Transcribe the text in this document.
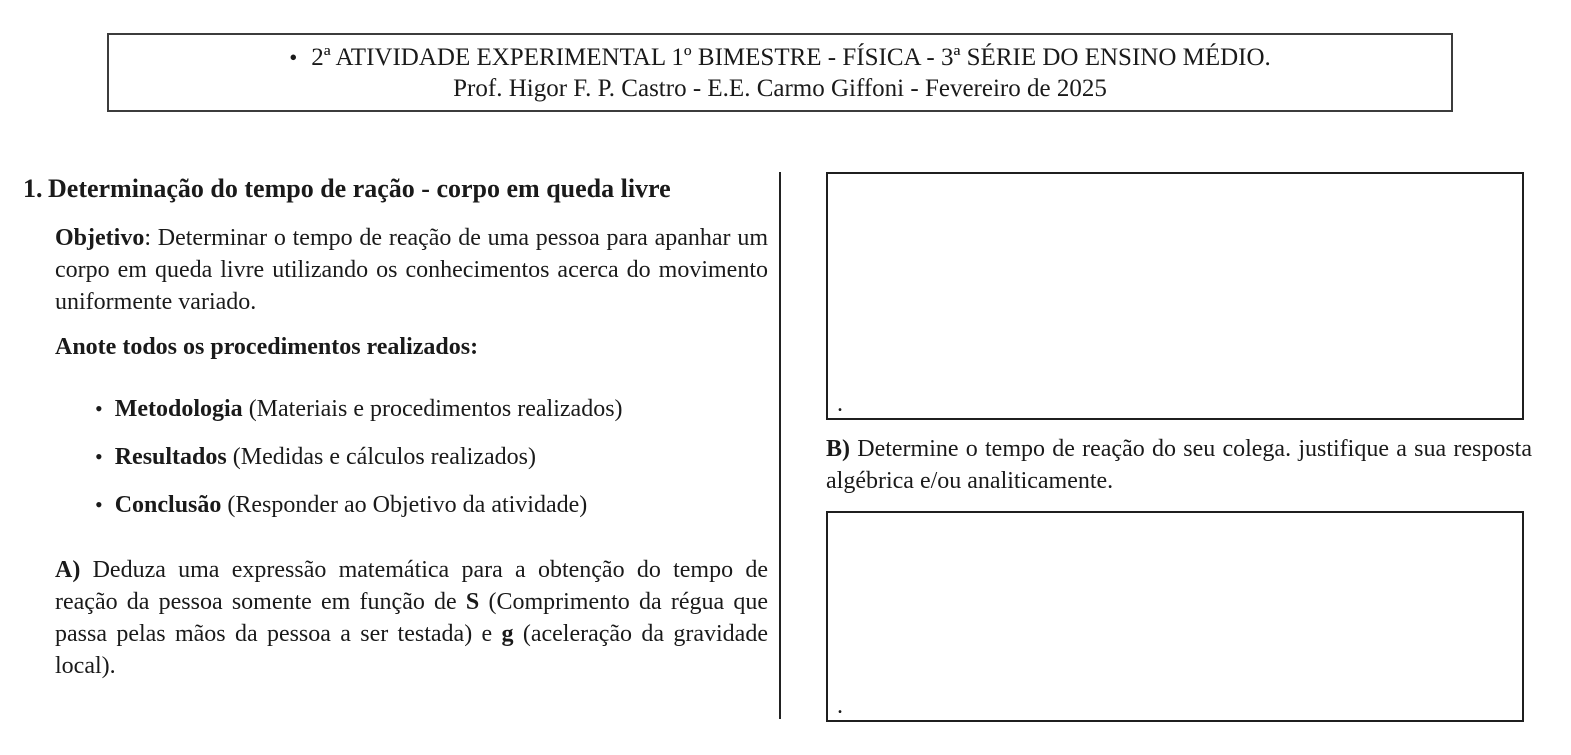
• 2ª ATIVIDADE EXPERIMENTAL 1º BIMESTRE - FÍSICA - 3ª SÉRIE DO ENSINO MÉDIO.
Prof. Higor F. P. Castro - E.E. Carmo Giffoni - Fevereiro de 2025
1. Determinação do tempo de ração - corpo em queda livre

Objetivo: Determinar o tempo de reação de uma pessoa para apanhar um corpo em queda livre utilizando os conhecimentos acerca do movimento uniformente variado.

Anote todos os procedimentos realizados:

• Metodologia (Materiais e procedimentos realizados)
• Resultados (Medidas e cálculos realizados)
• Conclusão (Responder ao Objetivo da atividade)

A) Deduza uma expressão matemática para a obtenção do tempo de reação da pessoa somente em função de S (Comprimento da régua que passa pelas mãos da pessoa a ser testada) e g (aceleração da gravidade local).

.

B) Determine o tempo de reação do seu colega. justifique a sua resposta algébrica e/ou analiticamente.

.
